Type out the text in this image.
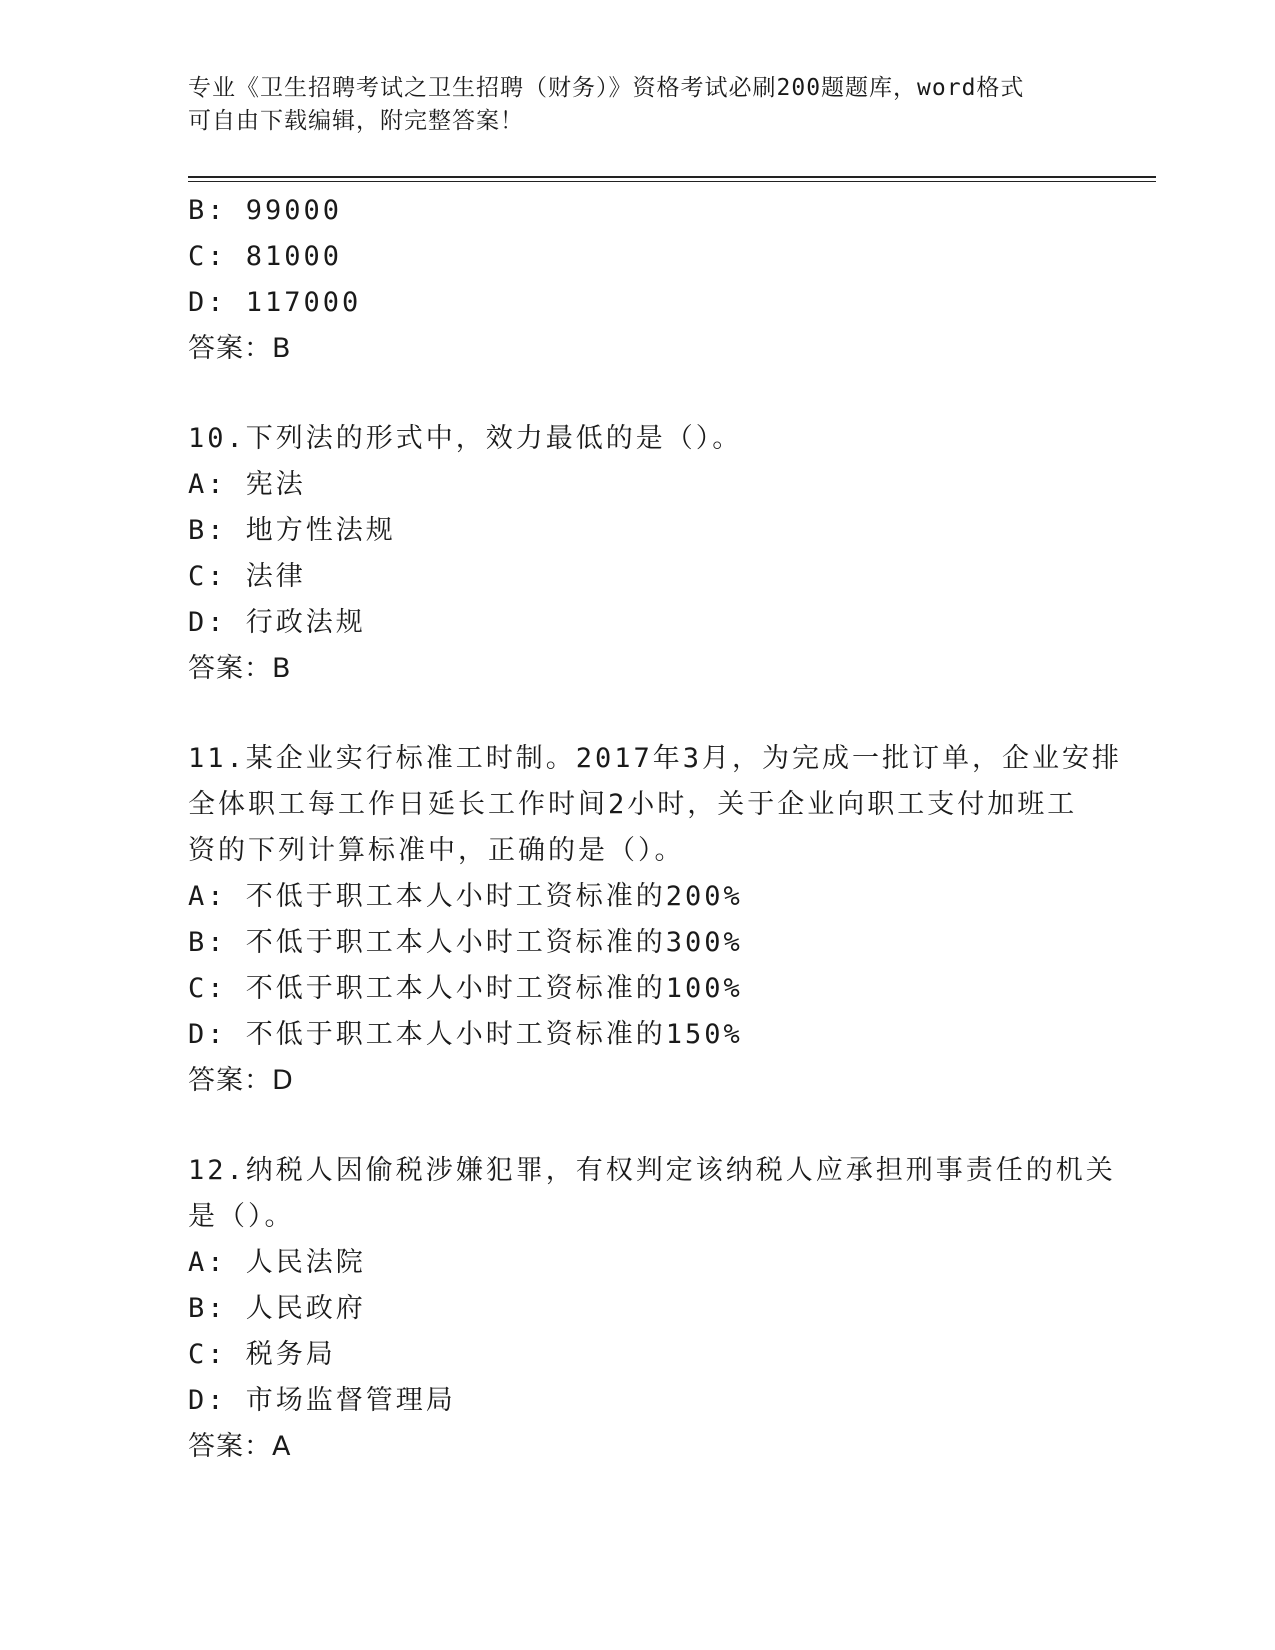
专业《卫生招聘考试之卫生招聘（财务）》资格考试必刷200题题库，word格式
可自由下载编辑，附完整答案！
B: 99000
C: 81000
D: 117000
答案：B
10.下列法的形式中，效力最低的是（）。
A: 宪法
B: 地方性法规
C: 法律
D: 行政法规
答案：B
11.某企业实行标准工时制。2017年3月，为完成一批订单，企业安排
全体职工每工作日延长工作时间2小时，关于企业向职工支付加班工
资的下列计算标准中，正确的是（）。
A: 不低于职工本人小时工资标准的200%
B: 不低于职工本人小时工资标准的300%
C: 不低于职工本人小时工资标准的100%
D: 不低于职工本人小时工资标准的150%
答案：D
12.纳税人因偷税涉嫌犯罪，有权判定该纳税人应承担刑事责任的机关
是（）。
A: 人民法院
B: 人民政府
C: 税务局
D: 市场监督管理局
答案：A
